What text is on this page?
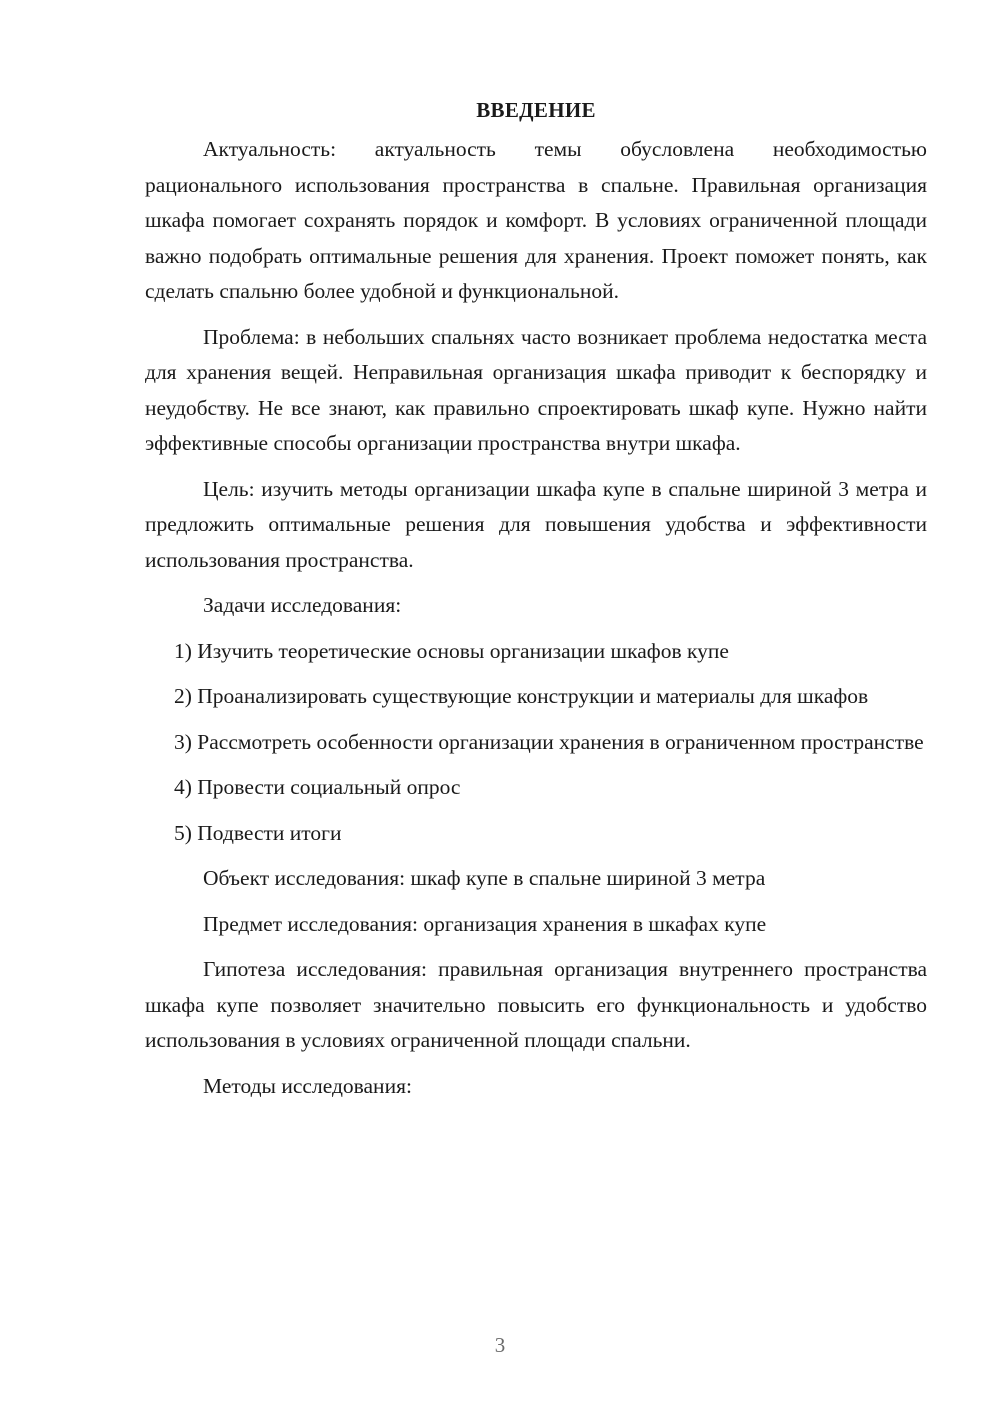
ВВЕДЕНИЕ

Актуальность: актуальность темы обусловлена необходимостью рационального использования пространства в спальне. Правильная организация шкафа помогает сохранять порядок и комфорт. В условиях ограниченной площади важно подобрать оптимальные решения для хранения. Проект поможет понять, как сделать спальню более удобной и функциональной.

Проблема: в небольших спальнях часто возникает проблема недостатка места для хранения вещей. Неправильная организация шкафа приводит к беспорядку и неудобству. Не все знают, как правильно спроектировать шкаф купе. Нужно найти эффективные способы организации пространства внутри шкафа.

Цель: изучить методы организации шкафа купе в спальне шириной 3 метра и предложить оптимальные решения для повышения удобства и эффективности использования пространства.

Задачи исследования:

1) Изучить теоретические основы организации шкафов купе

2) Проанализировать существующие конструкции и материалы для шкафов

3) Рассмотреть особенности организации хранения в ограниченном пространстве

4) Провести социальный опрос

5) Подвести итоги

Объект исследования: шкаф купе в спальне шириной 3 метра

Предмет исследования: организация хранения в шкафах купе

Гипотеза исследования: правильная организация внутреннего пространства шкафа купе позволяет значительно повысить его функциональность и удобство использования в условиях ограниченной площади спальни.

Методы исследования:

3
